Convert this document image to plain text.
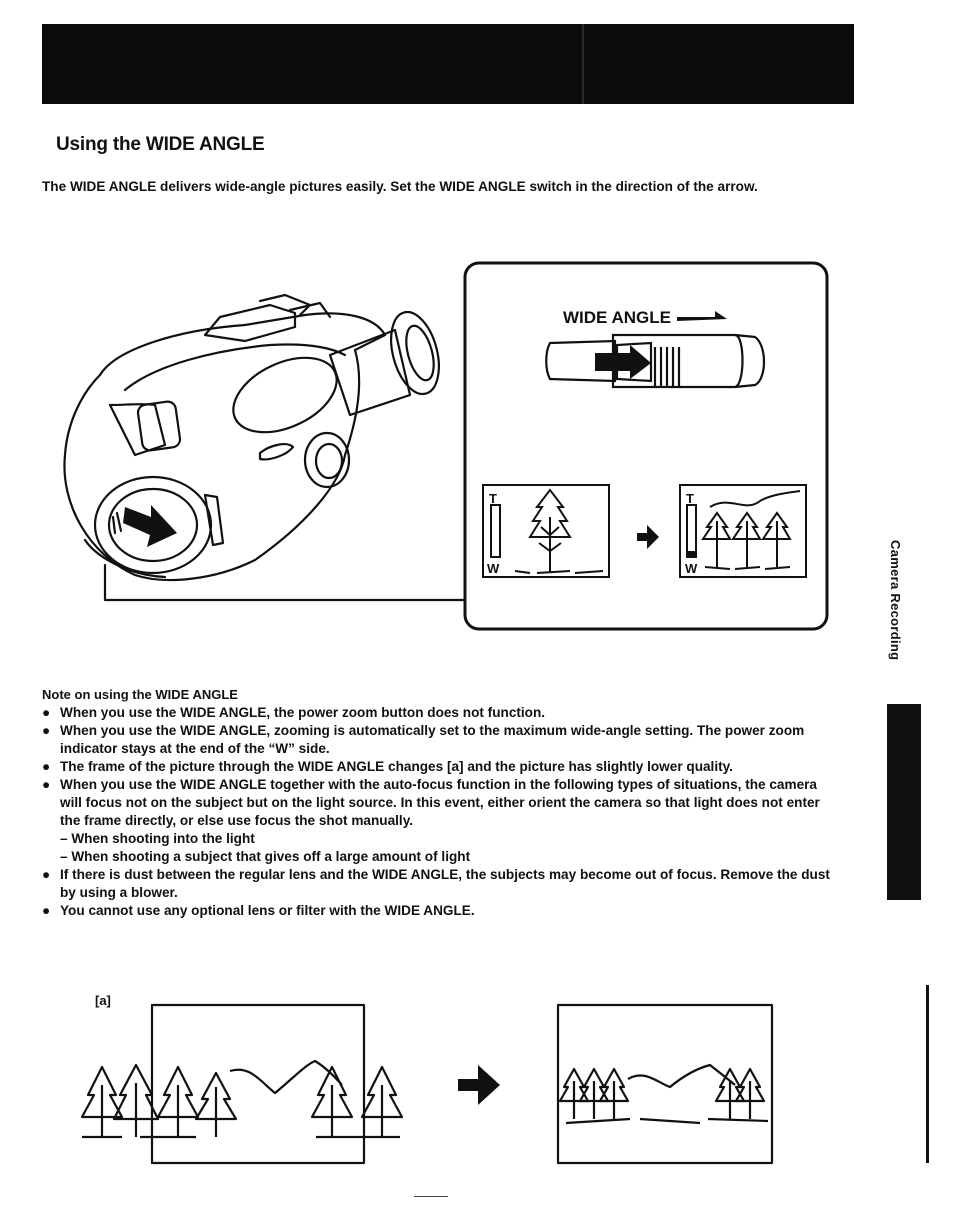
Using the WIDE ANGLE
The WIDE ANGLE delivers wide-angle pictures easily. Set the WIDE ANGLE switch in the direction of the arrow.
WIDE ANGLE
T
W
T
W	Camera Recording
Note on using the WIDE ANGLE
● When you use the WIDE ANGLE, the power zoom button does not function.
● When you use the WIDE ANGLE, zooming is automatically set to the maximum wide-angle setting. The power zoom indicator stays at the end of the “W” side.
● The frame of the picture through the WIDE ANGLE changes [a] and the picture has slightly lower quality.
● When you use the WIDE ANGLE together with the auto-focus function in the following types of situations, the camera will focus not on the subject but on the light source. In this event, either orient the camera so that light does not enter the frame directly, or else use focus the shot manually.
– When shooting into the light
– When shooting a subject that gives off a large amount of light
● If there is dust between the regular lens and the WIDE ANGLE, the subjects may become out of focus. Remove the dust by using a blower.
● You cannot use any optional lens or filter with the WIDE ANGLE.
[a]
